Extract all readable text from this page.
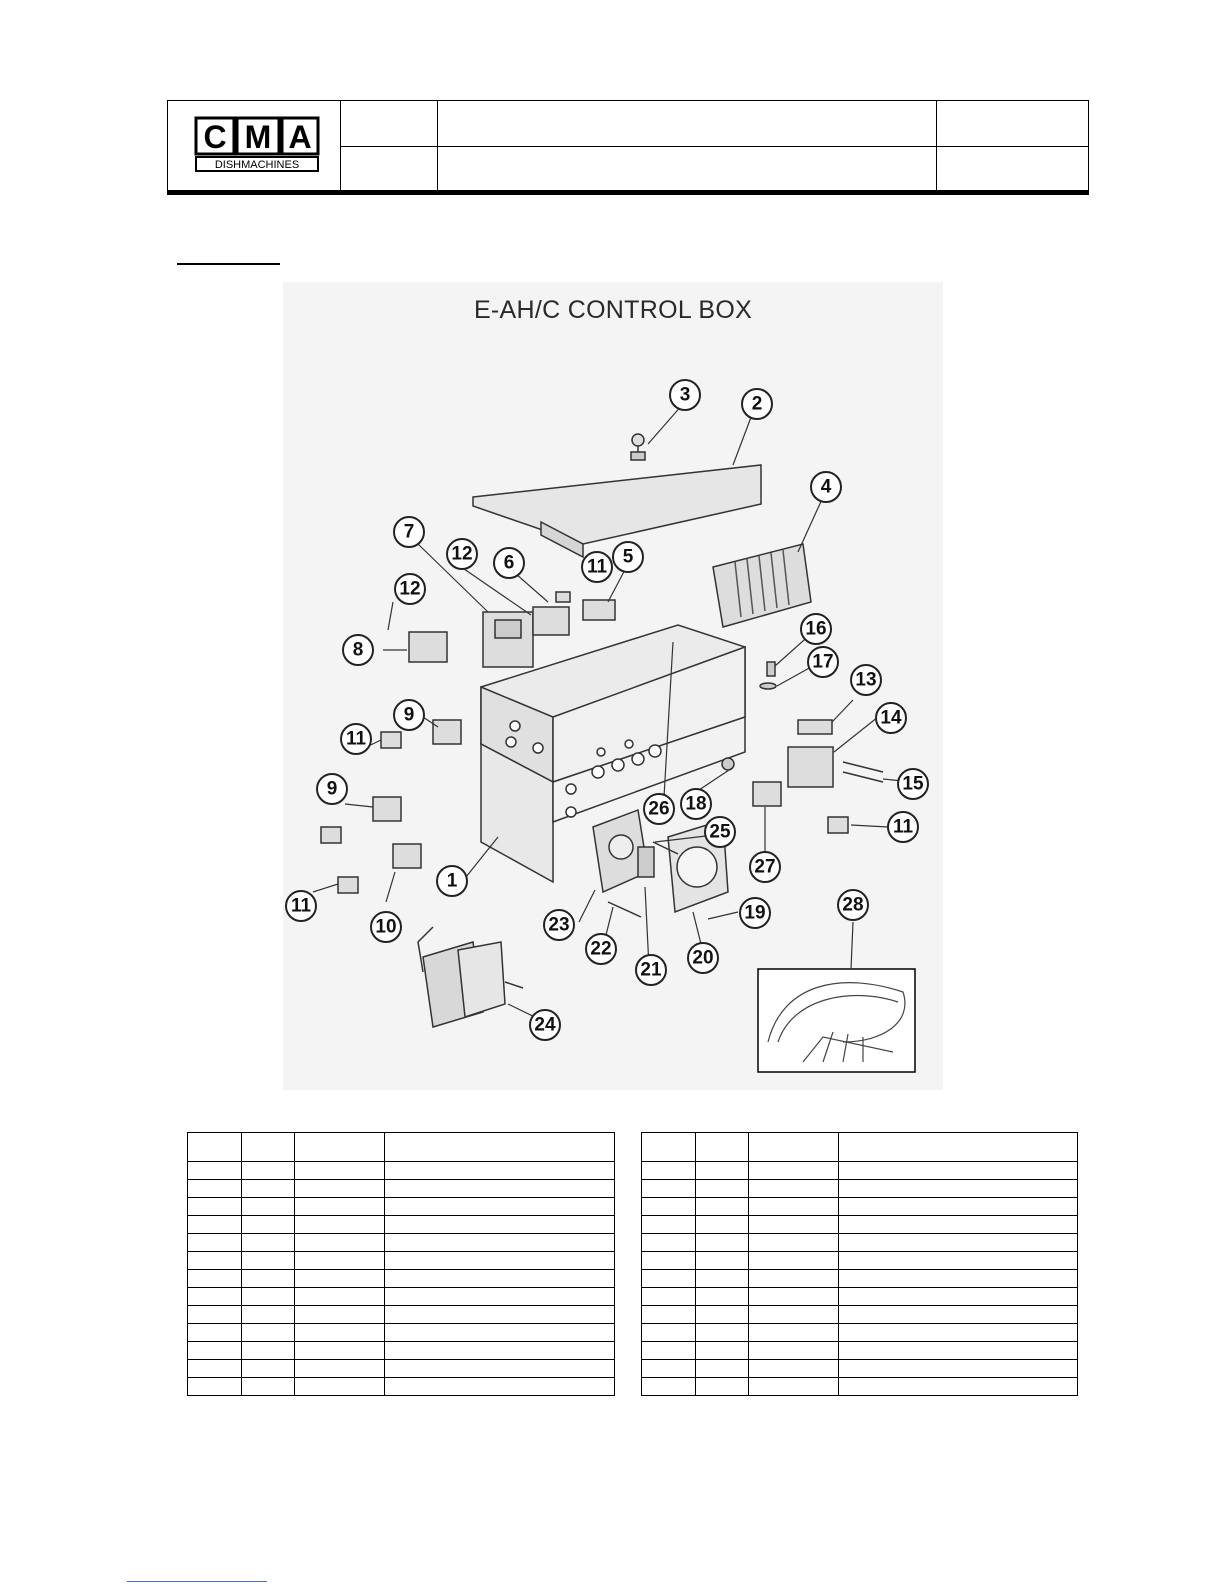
C M A
DISHMACHINES
E-AH/C CONTROL BOX
1
2
3
4
5
6
7
8
9
9
10
11
11
11
11
12
12
13
14
15
16
17
18
19
20
21
22
23
24
25
26
27
28
